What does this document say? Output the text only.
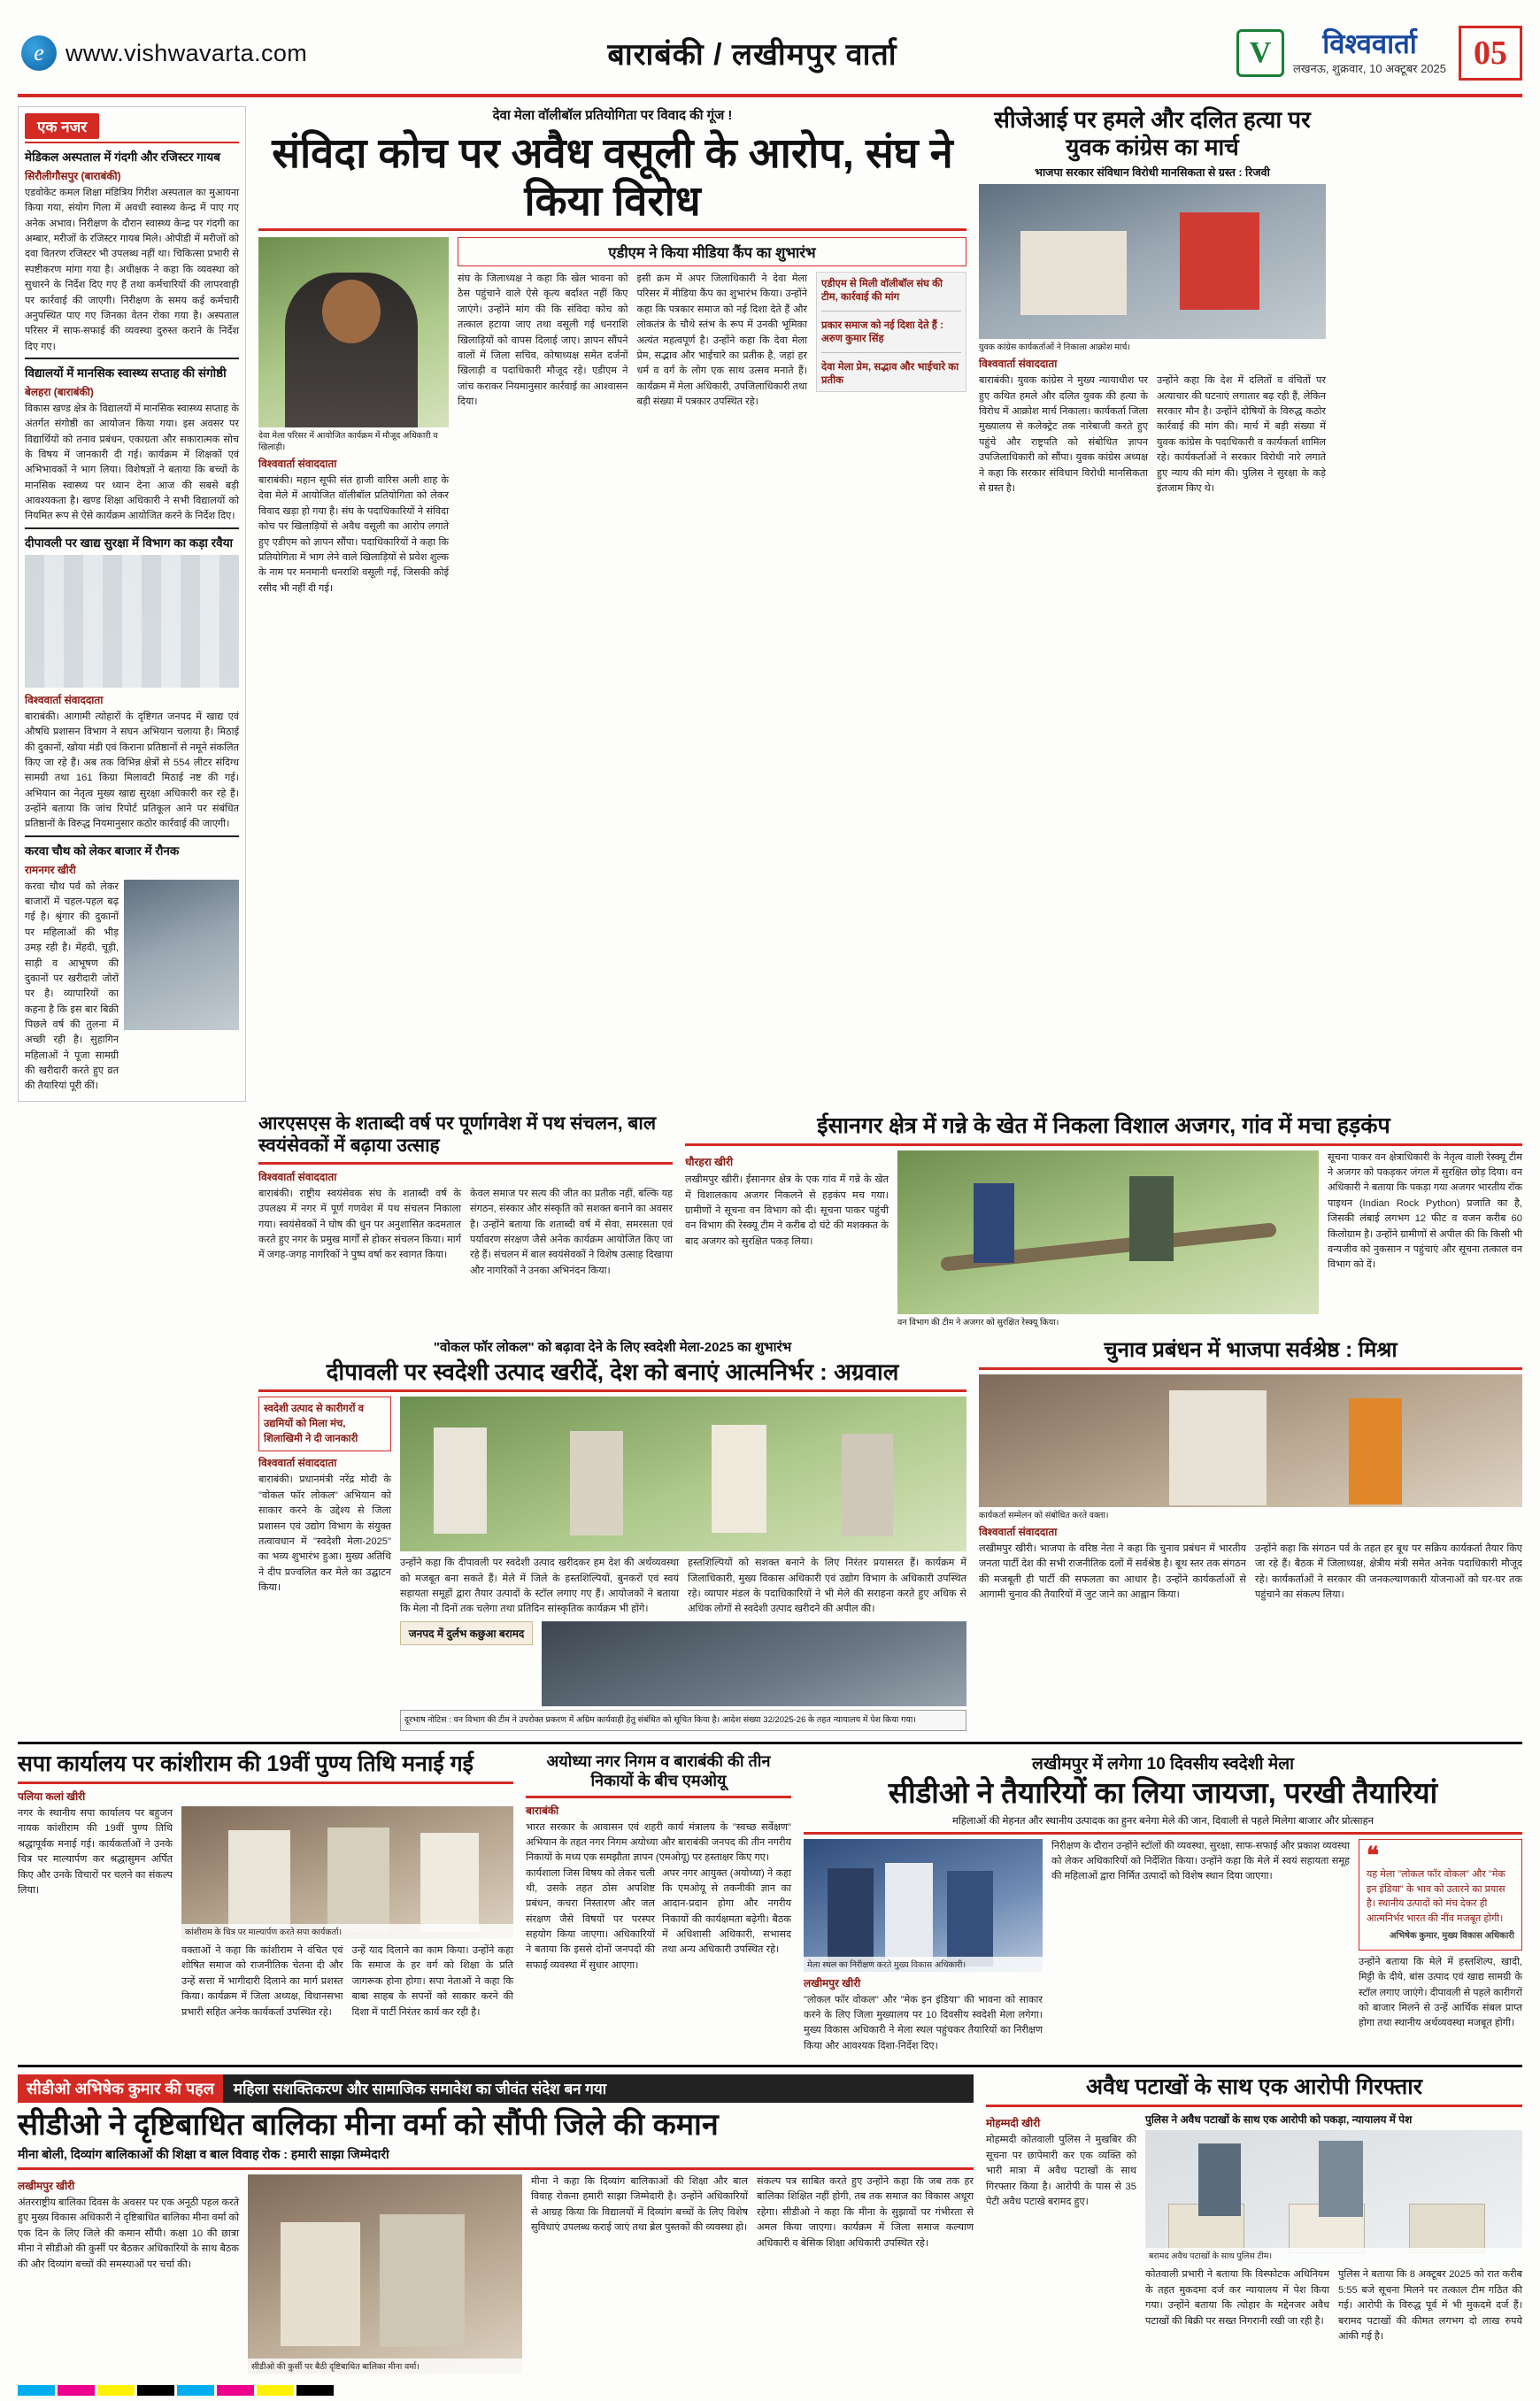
e
www.vishwavarta.com	बाराबंकी / लखीमपुर वार्ता	V	विश्ववार्ता
लखनऊ, शुक्रवार, 10 अक्टूबर 2025 05
एक नजर
मेडिकल अस्पताल में गंदगी और रजिस्टर गायब
सिरौलीगौसपुर (बाराबंकी)
एडवोकेट कमल शिक्षा मंडित्रिय गिरीश अस्पताल का मुआयना किया गया, संयोग गिला में अवधी स्वास्थ्य केन्द्र में पाए गए अनेक अभाव। निरीक्षण के दौरान स्वास्थ्य केन्द्र पर गंदगी का अम्बार, मरीजों के रजिस्टर गायब मिले। ओपीडी में मरीजों को दवा वितरण रजिस्टर भी उपलब्ध नहीं था। चिकित्सा प्रभारी से स्पष्टीकरण मांगा गया है। अधीक्षक ने कहा कि व्यवस्था को सुधारने के निर्देश दिए गए हैं तथा कर्मचारियों की लापरवाही पर कार्रवाई की जाएगी। निरीक्षण के समय कई कर्मचारी अनुपस्थित पाए गए जिनका वेतन रोका गया है। अस्पताल परिसर में साफ-सफाई की व्यवस्था दुरुस्त कराने के निर्देश दिए गए।
विद्यालयों में मानसिक स्वास्थ्य सप्ताह की संगोष्ठी
बेलहरा (बाराबंकी)
विकास खण्ड क्षेत्र के विद्यालयों में मानसिक स्वास्थ्य सप्ताह के अंतर्गत संगोष्ठी का आयोजन किया गया। इस अवसर पर विद्यार्थियों को तनाव प्रबंधन, एकाग्रता और सकारात्मक सोच के विषय में जानकारी दी गई। कार्यक्रम में शिक्षकों एवं अभिभावकों ने भाग लिया। विशेषज्ञों ने बताया कि बच्चों के मानसिक स्वास्थ्य पर ध्यान देना आज की सबसे बड़ी आवश्यकता है। खण्ड शिक्षा अधिकारी ने सभी विद्यालयों को नियमित रूप से ऐसे कार्यक्रम आयोजित करने के निर्देश दिए।
दीपावली पर खाद्य सुरक्षा में विभाग का कड़ा रवैया
विश्ववार्ता संवाददाता
बाराबंकी। आगामी त्योहारों के दृष्टिगत जनपद में खाद्य एवं औषधि प्रशासन विभाग ने सघन अभियान चलाया है। मिठाई की दुकानों, खोया मंडी एवं किराना प्रतिष्ठानों से नमूने संकलित किए जा रहे हैं। अब तक विभिन्न क्षेत्रों से 554 लीटर संदिग्ध सामग्री तथा 161 किग्रा मिलावटी मिठाई नष्ट की गई। अभियान का नेतृत्व मुख्य खाद्य सुरक्षा अधिकारी कर रहे हैं। उन्होंने बताया कि जांच रिपोर्ट प्रतिकूल आने पर संबंधित प्रतिष्ठानों के विरुद्ध नियमानुसार कठोर कार्रवाई की जाएगी।
करवा चौथ को लेकर बाजार में रौनक
रामनगर खीरी
करवा चौथ पर्व को लेकर बाजारों में चहल-पहल बढ़ गई है। श्रृंगार की दुकानों पर महिलाओं की भीड़ उमड़ रही है। मेंहदी, चूड़ी, साड़ी व आभूषण की दुकानों पर खरीदारी जोरों पर है। व्यापारियों का कहना है कि इस बार बिक्री पिछले वर्ष की तुलना में अच्छी रही है। सुहागिन महिलाओं ने पूजा सामग्री की खरीदारी करते हुए व्रत की तैयारियां पूरी कीं।
देवा मेला वॉलीबॉल प्रतियोगिता पर विवाद की गूंज !
संविदा कोच पर अवैध वसूली के आरोप, संघ ने किया विरोध
देवा मेला परिसर में आयोजित कार्यक्रम में मौजूद अधिकारी व खिलाड़ी।
विश्ववार्ता संवाददाता
बाराबंकी। महान सूफी संत हाजी वारिस अली शाह के देवा मेले में आयोजित वॉलीबॉल प्रतियोगिता को लेकर विवाद खड़ा हो गया है। संघ के पदाधिकारियों ने संविदा कोच पर खिलाड़ियों से अवैध वसूली का आरोप लगाते हुए एडीएम को ज्ञापन सौंपा। पदाधिकारियों ने कहा कि प्रतियोगिता में भाग लेने वाले खिलाड़ियों से प्रवेश शुल्क के नाम पर मनमानी धनराशि वसूली गई, जिसकी कोई रसीद भी नहीं दी गई।
एडीएम ने किया मीडिया कैंप का शुभारंभ
संघ के जिलाध्यक्ष ने कहा कि खेल भावना को ठेस पहुंचाने वाले ऐसे कृत्य बर्दाश्त नहीं किए जाएंगे। उन्होंने मांग की कि संविदा कोच को तत्काल हटाया जाए तथा वसूली गई धनराशि खिलाड़ियों को वापस दिलाई जाए। ज्ञापन सौंपने वालों में जिला सचिव, कोषाध्यक्ष समेत दर्जनों खिलाड़ी व पदाधिकारी मौजूद रहे। एडीएम ने जांच कराकर नियमानुसार कार्रवाई का आश्वासन दिया।
इसी क्रम में अपर जिलाधिकारी ने देवा मेला परिसर में मीडिया कैंप का शुभारंभ किया। उन्होंने कहा कि पत्रकार समाज को नई दिशा देते हैं और लोकतंत्र के चौथे स्तंभ के रूप में उनकी भूमिका अत्यंत महत्वपूर्ण है। उन्होंने कहा कि देवा मेला प्रेम, सद्भाव और भाईचारे का प्रतीक है, जहां हर धर्म व वर्ग के लोग एक साथ उत्सव मनाते हैं। कार्यक्रम में मेला अधिकारी, उपजिलाधिकारी तथा बड़ी संख्या में पत्रकार उपस्थित रहे।
एडीएम से मिली वॉलीबॉल संघ की टीम, कार्रवाई की मांग
प्रकार समाज को नई दिशा देते हैं : अरुण कुमार सिंह
देवा मेला प्रेम, सद्भाव और भाईचारे का प्रतीक
सीजेआई पर हमले और दलित हत्या पर युवक कांग्रेस का मार्च
भाजपा सरकार संविधान विरोधी मानसिकता से ग्रस्त : रिजवी
युवक कांग्रेस कार्यकर्ताओं ने निकाला आक्रोश मार्च।
विश्ववार्ता संवाददाता
बाराबंकी। युवक कांग्रेस ने मुख्य न्यायाधीश पर हुए कथित हमले और दलित युवक की हत्या के विरोध में आक्रोश मार्च निकाला। कार्यकर्ता जिला मुख्यालय से कलेक्ट्रेट तक नारेबाजी करते हुए पहुंचे और राष्ट्रपति को संबोधित ज्ञापन उपजिलाधिकारी को सौंपा। युवक कांग्रेस अध्यक्ष ने कहा कि सरकार संविधान विरोधी मानसिकता से ग्रस्त है।
उन्होंने कहा कि देश में दलितों व वंचितों पर अत्याचार की घटनाएं लगातार बढ़ रही हैं, लेकिन सरकार मौन है। उन्होंने दोषियों के विरुद्ध कठोर कार्रवाई की मांग की। मार्च में बड़ी संख्या में युवक कांग्रेस के पदाधिकारी व कार्यकर्ता शामिल रहे। कार्यकर्ताओं ने सरकार विरोधी नारे लगाते हुए न्याय की मांग की। पुलिस ने सुरक्षा के कड़े इंतजाम किए थे।
आरएसएस के शताब्दी वर्ष पर पूर्णागवेश में पथ संचलन, बाल स्वयंसेवकों में बढ़ाया उत्साह
विश्ववार्ता संवाददाता
बाराबंकी। राष्ट्रीय स्वयंसेवक संघ के शताब्दी वर्ष के उपलक्ष्य में नगर में पूर्ण गणवेश में पथ संचलन निकाला गया। स्वयंसेवकों ने घोष की धुन पर अनुशासित कदमताल करते हुए नगर के प्रमुख मार्गों से होकर संचलन किया। मार्ग में जगह-जगह नागरिकों ने पुष्प वर्षा कर स्वागत किया।
केवल समाज पर सत्य की जीत का प्रतीक नहीं, बल्कि यह संगठन, संस्कार और संस्कृति को सशक्त बनाने का अवसर है। उन्होंने बताया कि शताब्दी वर्ष में सेवा, समरसता एवं पर्यावरण संरक्षण जैसे अनेक कार्यक्रम आयोजित किए जा रहे हैं। संचलन में बाल स्वयंसेवकों ने विशेष उत्साह दिखाया और नागरिकों ने उनका अभिनंदन किया।
ईसानगर क्षेत्र में गन्ने के खेत में निकला विशाल अजगर, गांव में मचा हड़कंप
धौरहरा खीरी
लखीमपुर खीरी। ईसानगर क्षेत्र के एक गांव में गन्ने के खेत में विशालकाय अजगर निकलने से हड़कंप मच गया। ग्रामीणों ने सूचना वन विभाग को दी। सूचना पाकर पहुंची वन विभाग की रेस्क्यू टीम ने करीब दो घंटे की मशक्कत के बाद अजगर को सुरक्षित पकड़ लिया।
वन विभाग की टीम ने अजगर को सुरक्षित रेस्क्यू किया।
सूचना पाकर वन क्षेत्राधिकारी के नेतृत्व वाली रेस्क्यू टीम ने अजगर को पकड़कर जंगल में सुरक्षित छोड़ दिया। वन अधिकारी ने बताया कि पकड़ा गया अजगर भारतीय रॉक पाइथन (Indian Rock Python) प्रजाति का है, जिसकी लंबाई लगभग 12 फीट व वजन करीब 60 किलोग्राम है। उन्होंने ग्रामीणों से अपील की कि किसी भी वन्यजीव को नुकसान न पहुंचाएं और सूचना तत्काल वन विभाग को दें।
"वोकल फॉर लोकल" को बढ़ावा देने के लिए स्वदेशी मेला-2025 का शुभारंभ
दीपावली पर स्वदेशी उत्पाद खरीदें, देश को बनाएं आत्मनिर्भर : अग्रवाल
स्वदेशी उत्पाद से कारीगरों व उद्यमियों को मिला मंच, शिलाखिमी ने दी जानकारी
विश्ववार्ता संवाददाता
बाराबंकी। प्रधानमंत्री नरेंद्र मोदी के "वोकल फॉर लोकल" अभियान को साकार करने के उद्देश्य से जिला प्रशासन एवं उद्योग विभाग के संयुक्त तत्वावधान में "स्वदेशी मेला-2025" का भव्य शुभारंभ हुआ। मुख्य अतिथि ने दीप प्रज्वलित कर मेले का उद्घाटन किया।
उन्होंने कहा कि दीपावली पर स्वदेशी उत्पाद खरीदकर हम देश की अर्थव्यवस्था को मजबूत बना सकते हैं। मेले में जिले के हस्तशिल्पियों, बुनकरों एवं स्वयं सहायता समूहों द्वारा तैयार उत्पादों के स्टॉल लगाए गए हैं। आयोजकों ने बताया कि मेला नौ दिनों तक चलेगा तथा प्रतिदिन सांस्कृतिक कार्यक्रम भी होंगे।
हस्तशिल्पियों को सशक्त बनाने के लिए निरंतर प्रयासरत हैं। कार्यक्रम में जिलाधिकारी, मुख्य विकास अधिकारी एवं उद्योग विभाग के अधिकारी उपस्थित रहे। व्यापार मंडल के पदाधिकारियों ने भी मेले की सराहना करते हुए अधिक से अधिक लोगों से स्वदेशी उत्पाद खरीदने की अपील की।
जनपद में दुर्लभ कछुआ बरामद
दूरभाष नोटिस : वन विभाग की टीम ने उपरोक्त प्रकरण में अग्रिम कार्यवाही हेतु संबंधित को सूचित किया है। आदेश संख्या 32/2025-26 के तहत न्यायालय में पेश किया गया।
चुनाव प्रबंधन में भाजपा सर्वश्रेष्ठ : मिश्रा
कार्यकर्ता सम्मेलन को संबोधित करते वक्ता।
विश्ववार्ता संवाददाता
लखीमपुर खीरी। भाजपा के वरिष्ठ नेता ने कहा कि चुनाव प्रबंधन में भारतीय जनता पार्टी देश की सभी राजनीतिक दलों में सर्वश्रेष्ठ है। बूथ स्तर तक संगठन की मजबूती ही पार्टी की सफलता का आधार है। उन्होंने कार्यकर्ताओं से आगामी चुनाव की तैयारियों में जुट जाने का आह्वान किया।
उन्होंने कहा कि संगठन पर्व के तहत हर बूथ पर सक्रिय कार्यकर्ता तैयार किए जा रहे हैं। बैठक में जिलाध्यक्ष, क्षेत्रीय मंत्री समेत अनेक पदाधिकारी मौजूद रहे। कार्यकर्ताओं ने सरकार की जनकल्याणकारी योजनाओं को घर-घर तक पहुंचाने का संकल्प लिया।
सपा कार्यालय पर कांशीराम की 19वीं पुण्य तिथि मनाई गई
पलिया कलां खीरी
नगर के स्थानीय सपा कार्यालय पर बहुजन नायक कांशीराम की 19वीं पुण्य तिथि श्रद्धापूर्वक मनाई गई। कार्यकर्ताओं ने उनके चित्र पर माल्यार्पण कर श्रद्धासुमन अर्पित किए और उनके विचारों पर चलने का संकल्प लिया।
कांशीराम के चित्र पर माल्यार्पण करते सपा कार्यकर्ता।
वक्ताओं ने कहा कि कांशीराम ने वंचित एवं शोषित समाज को राजनीतिक चेतना दी और उन्हें सत्ता में भागीदारी दिलाने का मार्ग प्रशस्त किया। कार्यक्रम में जिला अध्यक्ष, विधानसभा प्रभारी सहित अनेक कार्यकर्ता उपस्थित रहे।
उन्हें याद दिलाने का काम किया। उन्होंने कहा कि समाज के हर वर्ग को शिक्षा के प्रति जागरूक होना होगा। सपा नेताओं ने कहा कि बाबा साहब के सपनों को साकार करने की दिशा में पार्टी निरंतर कार्य कर रही है।
अयोध्या नगर निगम व बाराबंकी की तीन निकायों के बीच एमओयू
बाराबंकी
भारत सरकार के आवासन एवं शहरी कार्य मंत्रालय के "स्वच्छ सर्वेक्षण" अभियान के तहत नगर निगम अयोध्या और बाराबंकी जनपद की तीन नगरीय निकायों के मध्य एक समझौता ज्ञापन (एमओयू) पर हस्ताक्षर किए गए।
कार्यशाला जिस विषय को लेकर चली थी, उसके तहत ठोस अपशिष्ट प्रबंधन, कचरा निस्तारण और जल संरक्षण जैसे विषयों पर परस्पर सहयोग किया जाएगा। अधिकारियों ने बताया कि इससे दोनों जनपदों की सफाई व्यवस्था में सुधार आएगा।
अपर नगर आयुक्त (अयोध्या) ने कहा कि एमओयू से तकनीकी ज्ञान का आदान-प्रदान होगा और नगरीय निकायों की कार्यक्षमता बढ़ेगी। बैठक में अधिशासी अधिकारी, सभासद तथा अन्य अधिकारी उपस्थित रहे।
लखीमपुर में लगेगा 10 दिवसीय स्वदेशी मेला
सीडीओ ने तैयारियों का लिया जायजा, परखी तैयारियां
महिलाओं की मेहनत और स्थानीय उत्पादक का हुनर बनेगा मेले की जान, दिवाली से पहले मिलेगा बाजार और प्रोत्साहन
मेला स्थल का निरीक्षण करते मुख्य विकास अधिकारी।
लखीमपुर खीरी
"लोकल फॉर वोकल" और "मेक इन इंडिया" की भावना को साकार करने के लिए जिला मुख्यालय पर 10 दिवसीय स्वदेशी मेला लगेगा। मुख्य विकास अधिकारी ने मेला स्थल पहुंचकर तैयारियों का निरीक्षण किया और आवश्यक दिशा-निर्देश दिए।
निरीक्षण के दौरान उन्होंने स्टॉलों की व्यवस्था, सुरक्षा, साफ-सफाई और प्रकाश व्यवस्था को लेकर अधिकारियों को निर्देशित किया। उन्होंने कहा कि मेले में स्वयं सहायता समूह की महिलाओं द्वारा निर्मित उत्पादों को विशेष स्थान दिया जाएगा।
❝
यह मेला "लोकल फॉर वोकल" और "मेक इन इंडिया" के भाव को उतारने का प्रयास है। स्थानीय उत्पादों को मंच देकर ही आत्मनिर्भर भारत की नींव मजबूत होगी।
अभिषेक कुमार, मुख्य विकास अधिकारी
उन्होंने बताया कि मेले में हस्तशिल्प, खादी, मिट्टी के दीये, बांस उत्पाद एवं खाद्य सामग्री के स्टॉल लगाए जाएंगे। दीपावली से पहले कारीगरों को बाजार मिलने से उन्हें आर्थिक संबल प्राप्त होगा तथा स्थानीय अर्थव्यवस्था मजबूत होगी।
सीडीओ अभिषेक कुमार की पहल	महिला सशक्तिकरण और सामाजिक समावेश का जीवंत संदेश बन गया
सीडीओ ने दृष्टिबाधित बालिका मीना वर्मा को सौंपी जिले की कमान
मीना बोली, दिव्यांग बालिकाओं की शिक्षा व बाल विवाह रोक : हमारी साझा जिम्मेदारी
लखीमपुर खीरी
अंतरराष्ट्रीय बालिका दिवस के अवसर पर एक अनूठी पहल करते हुए मुख्य विकास अधिकारी ने दृष्टिबाधित बालिका मीना वर्मा को एक दिन के लिए जिले की कमान सौंपी। कक्षा 10 की छात्रा मीना ने सीडीओ की कुर्सी पर बैठकर अधिकारियों के साथ बैठक की और दिव्यांग बच्चों की समस्याओं पर चर्चा की।
सीडीओ की कुर्सी पर बैठी दृष्टिबाधित बालिका मीना वर्मा।
मीना ने कहा कि दिव्यांग बालिकाओं की शिक्षा और बाल विवाह रोकना हमारी साझा जिम्मेदारी है। उन्होंने अधिकारियों से आग्रह किया कि विद्यालयों में दिव्यांग बच्चों के लिए विशेष सुविधाएं उपलब्ध कराई जाएं तथा ब्रेल पुस्तकों की व्यवस्था हो।
संकल्प पत्र साबित करते हुए उन्होंने कहा कि जब तक हर बालिका शिक्षित नहीं होगी, तब तक समाज का विकास अधूरा रहेगा। सीडीओ ने कहा कि मीना के सुझावों पर गंभीरता से अमल किया जाएगा। कार्यक्रम में जिला समाज कल्याण अधिकारी व बेसिक शिक्षा अधिकारी उपस्थित रहे।
अवैध पटाखों के साथ एक आरोपी गिरफ्तार
मोहम्मदी खीरी
मोहम्मदी कोतवाली पुलिस ने मुखबिर की सूचना पर छापेमारी कर एक व्यक्ति को भारी मात्रा में अवैध पटाखों के साथ गिरफ्तार किया है। आरोपी के पास से 35 पेटी अवैध पटाखे बरामद हुए।
पुलिस ने अवैध पटाखों के साथ एक आरोपी को पकड़ा, न्यायालय में पेश
बरामद अवैध पटाखों के साथ पुलिस टीम।
कोतवाली प्रभारी ने बताया कि विस्फोटक अधिनियम के तहत मुकदमा दर्ज कर न्यायालय में पेश किया गया। उन्होंने बताया कि त्योहार के मद्देनजर अवैध पटाखों की बिक्री पर सख्त निगरानी रखी जा रही है।
पुलिस ने बताया कि 8 अक्टूबर 2025 को रात करीब 5:55 बजे सूचना मिलने पर तत्काल टीम गठित की गई। आरोपी के विरुद्ध पूर्व में भी मुकदमे दर्ज हैं। बरामद पटाखों की कीमत लगभग दो लाख रुपये आंकी गई है।
